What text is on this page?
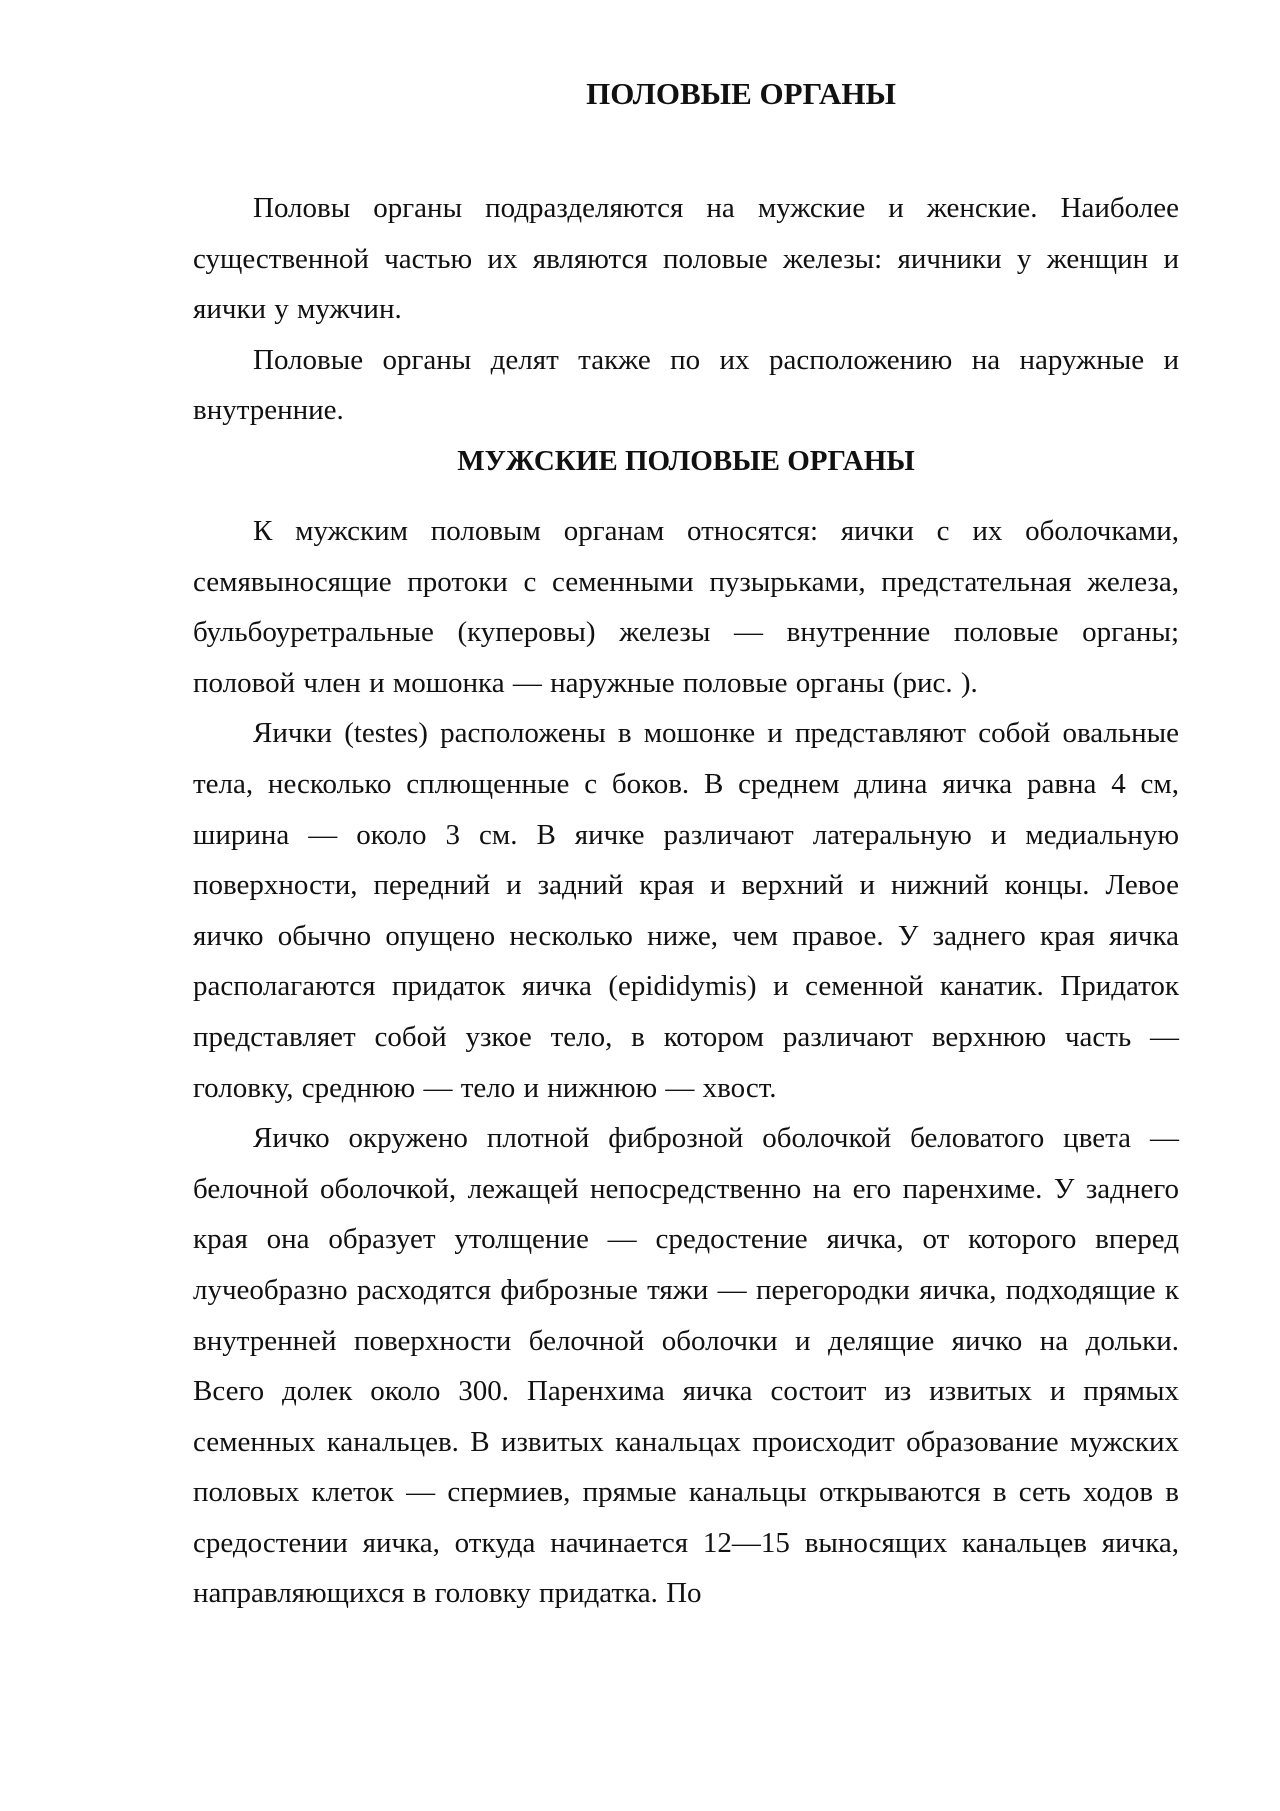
ПОЛОВЫЕ ОРГАНЫ

Половы органы подразделяются на мужские и женские. Наиболее существенной частью их являются половые железы: яичники у женщин и яички у мужчин.

Половые органы делят также по их расположению на наружные и внутренние.

МУЖСКИЕ ПОЛОВЫЕ ОРГАНЫ

К мужским половым органам относятся: яички с их оболочками, семявыносящие протоки с семенными пузырьками, предстательная железа, бульбоуретральные (куперовы) железы — внутренние половые органы; половой член и мошонка — наружные половые органы (рис. ).

Яички (testes) расположены в мошонке и представляют собой овальные тела, несколько сплющенные с боков. В среднем длина яичка равна 4 см, ширина — около 3 см. В яичке различают латеральную и медиальную поверхности, передний и задний края и верхний и нижний концы. Левое яичко обычно опущено несколько ниже, чем правое. У заднего края яичка располагаются придаток яичка (epididymis) и семенной канатик. Придаток представляет собой узкое тело, в котором различают верхнюю часть — головку, среднюю — тело и нижнюю — хвост.

Яичко окружено плотной фиброзной оболочкой беловатого цвета — белочной оболочкой, лежащей непосредственно на его паренхиме. У заднего края она образует утолщение — средостение яичка, от которого вперед лучеобразно расходятся фиброзные тяжи — перегородки яичка, подходящие к внутренней поверхности белочной оболочки и делящие яичко на дольки. Всего долек около 300. Паренхима яичка состоит из извитых и прямых семенных канальцев. В извитых канальцах происходит образование мужских половых клеток — спермиев, прямые канальцы открываются в сеть ходов в средостении яичка, откуда начинается 12—15 выносящих канальцев яичка, направляющихся в головку придатка. По
